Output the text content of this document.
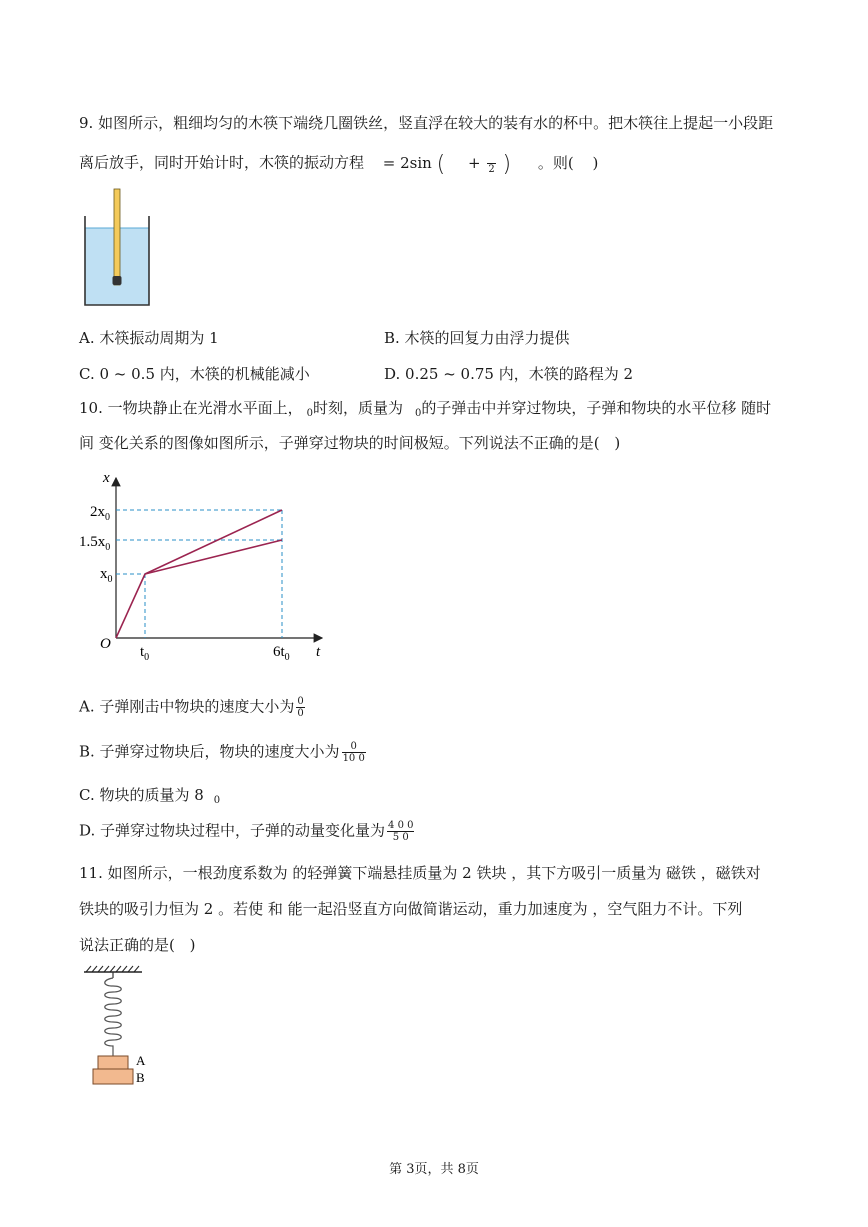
9. 如图所示，粗细均匀的木筷下端绕几圈铁丝，竖直浮在较大的装有水的杯中。把木筷往上提起一小段距
离后放手，同时开始计时，木筷的振动方程 = 2sin ( +
  2 ) 。则( )
A. 木筷振动周期为 1	B. 木筷的回复力由浮力提供
C. 0 ~ 0.5 内，木筷的机械能减小	D. 0.25 ~ 0.75 内，木筷的路程为 2
10. 一物块静止在光滑水平面上， $_0$时刻，质量为 $_0$的子弹击中并穿过物块，子弹和物块的水平位移 随时
间 变化关系的图像如图所示，子弹穿过物块的时间极短。下列说法不正确的是( )
x
t
O
$2x_0$
$1.5x_0$
$x_0$
$t_0$	$6t_0$
A. 子弹刚击中物块的速度大小为 $\frac{0}{0}$
B. 子弹穿过物块后，物块的速度大小为 $\frac{0}{10 0}$
C. 物块的质量为 8 $_0$
D. 子弹穿过物块过程中，子弹的动量变化量为 $\frac{4 0 0}{5 0}$
11. 如图所示，一根劲度系数为 的轻弹簧下端悬挂质量为 2 铁块 ，其下方吸引一质量为 磁铁 ，磁铁对
铁块的吸引力恒为 2 。若使 和 能一起沿竖直方向做简谐运动，重力加速度为 ，空气阻力不计。下列
说法正确的是( )
A
B
第 3页，共 8页
